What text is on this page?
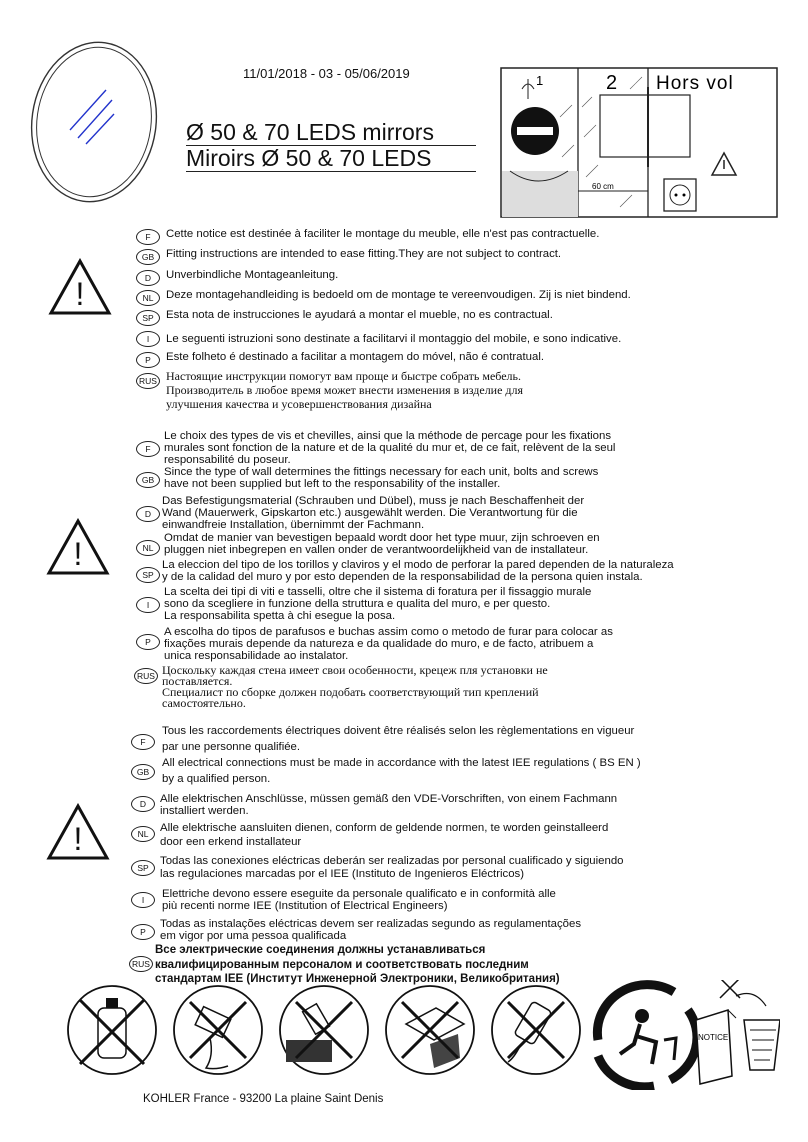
11/01/2018 - 03 - 05/06/2019
Ø 50 & 70 LEDS mirrors
Miroirs Ø 50 & 70 LEDS
1	2 Hors vol
60 cm
!
!
!
F	Cette notice est destinée à faciliter le montage du meuble, elle n'est pas contractuelle.
GB	Fitting instructions are intended to ease fitting.They are not subject to contract.
D	Unverbindliche Montageanleitung.
NL	Deze montagehandleiding is bedoeld om de montage te vereenvoudigen. Zij is niet bindend.
SP	Esta nota de instrucciones le ayudará a montar el mueble, no es contractual.
I	Le seguenti istruzioni sono destinate a facilitarvi il montaggio del mobile, e sono indicative.
P	Este folheto é destinado a facilitar a montagem do móvel, não é contratual.
RUS Настоящие инструкции помогут вам проще и быстре собрать мебель.
Производитель в любое время может внести изменения в изделие для
улучшения качества и усовершенствования дизайна
F
Le choix des types de vis et chevilles, ainsi que la méthode de percage pour les fixations
murales sont fonction de la nature et de la qualité du mur et, de ce fait, relèvent de la seul
responsabilité du poseur.
GB
Since the type of wall determines the fittings necessary for each unit, bolts and screws
have not been supplied but left to the responsability of the installer.
D
Das Befestigungsmaterial (Schrauben und Dübel), muss je nach Beschaffenheit der
Wand (Mauerwerk, Gipskarton etc.) ausgewählt werden. Die Verantwortung für die
einwandfreie Installation, übernimmt der Fachmann.
NL
Omdat de manier van bevestigen bepaald wordt door het type muur, zijn schroeven en
pluggen niet inbegrepen en vallen onder de verantwoordelijkheid van de installateur.
SP
La eleccion del tipo de los torillos y claviros y el modo de perforar la pared dependen de la naturaleza
y de la calidad del muro y por esto dependen de la responsabilidad de la persona quien instala.
I
La scelta dei tipi di viti e tasselli, oltre che il sistema di foratura per il fissaggio murale
sono da scegliere in funzione della struttura e qualita del muro, e per questo.
La responsabilita spetta à chi esegue la posa.
P
A escolha do tipos de parafusos e buchas assim como o metodo de furar para colocar as
fixações murais depende da natureza e da qualidade do muro, e de facto, atribuem a
unica responsabilidade ao instalator.
RUS Цоскольку каждая стена имеет свои особенности, крецеж пля установки не
поставляется.
Специалист по сборке должен подобать соответствующий тип креплений
самостоятельно.
F
Tous les raccordements électriques doivent être réalisés selon les règlementations en vigueur
par une personne qualifiée.
GB
All electrical connections must be made in accordance with the latest IEE regulations ( BS EN )
by a qualified person.
D	Alle elektrischen Anschlüsse, müssen gemäß den VDE-Vorschriften, von einem Fachmann
installiert werden.
NL	Alle elektrische aansluiten dienen, conform de geldende normen, te worden geinstalleerd
door een erkend installateur
SP
Todas las conexiones eléctricas deberán ser realizadas por personal cualificado y siguiendo
las regulaciones marcadas por el IEE (Instituto de Ingenieros Eléctricos)
I	Elettriche devono essere eseguite da personale qualificato e in conformità alle
più recenti norme IEE (Institution of Electrical Engineers)
P
Todas as instalações eléctricas devem ser realizadas segundo as regulamentações
em vigor por uma pessoa qualificada
RUS
Все электрические соединения должны устанавливаться
квалифицированным персоналом и соответствовать последним
стандартам IEE (Институт Инженерной Электроники, Великобритания)
NOTICE
KOHLER France - 93200 La plaine Saint Denis
